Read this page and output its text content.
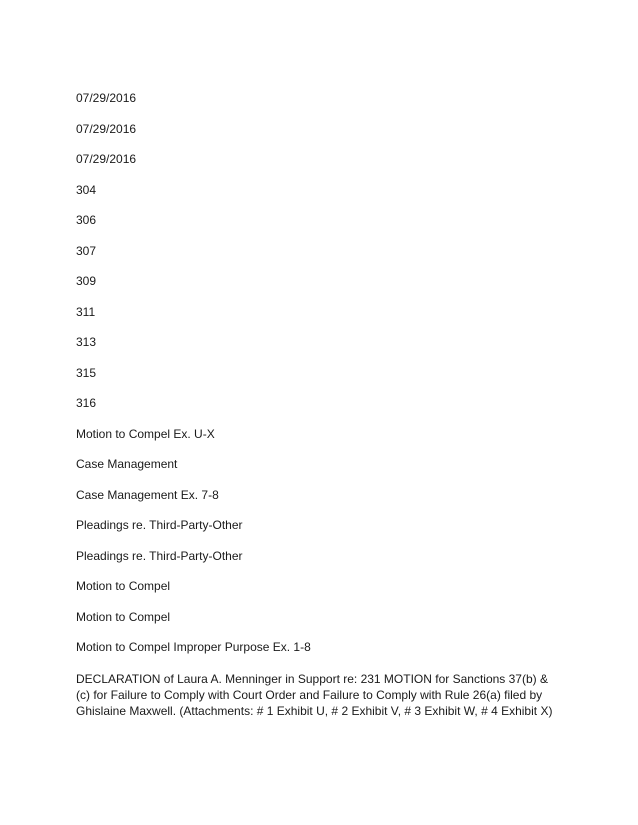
07/29/2016
07/29/2016
07/29/2016
304
306
307
309
311
313
315
316
Motion to Compel Ex. U-X
Case Management
Case Management Ex. 7-8
Pleadings re. Third-Party-Other
Pleadings re. Third-Party-Other
Motion to Compel
Motion to Compel
Motion to Compel Improper Purpose Ex. 1-8

DECLARATION of Laura A. Menninger in Support re: 231 MOTION for Sanctions 37(b) & (c) for Failure to Comply with Court Order and Failure to Comply with Rule 26(a) filed by Ghislaine Maxwell. (Attachments: # 1 Exhibit U, # 2 Exhibit V, # 3 Exhibit W, # 4 Exhibit X)
